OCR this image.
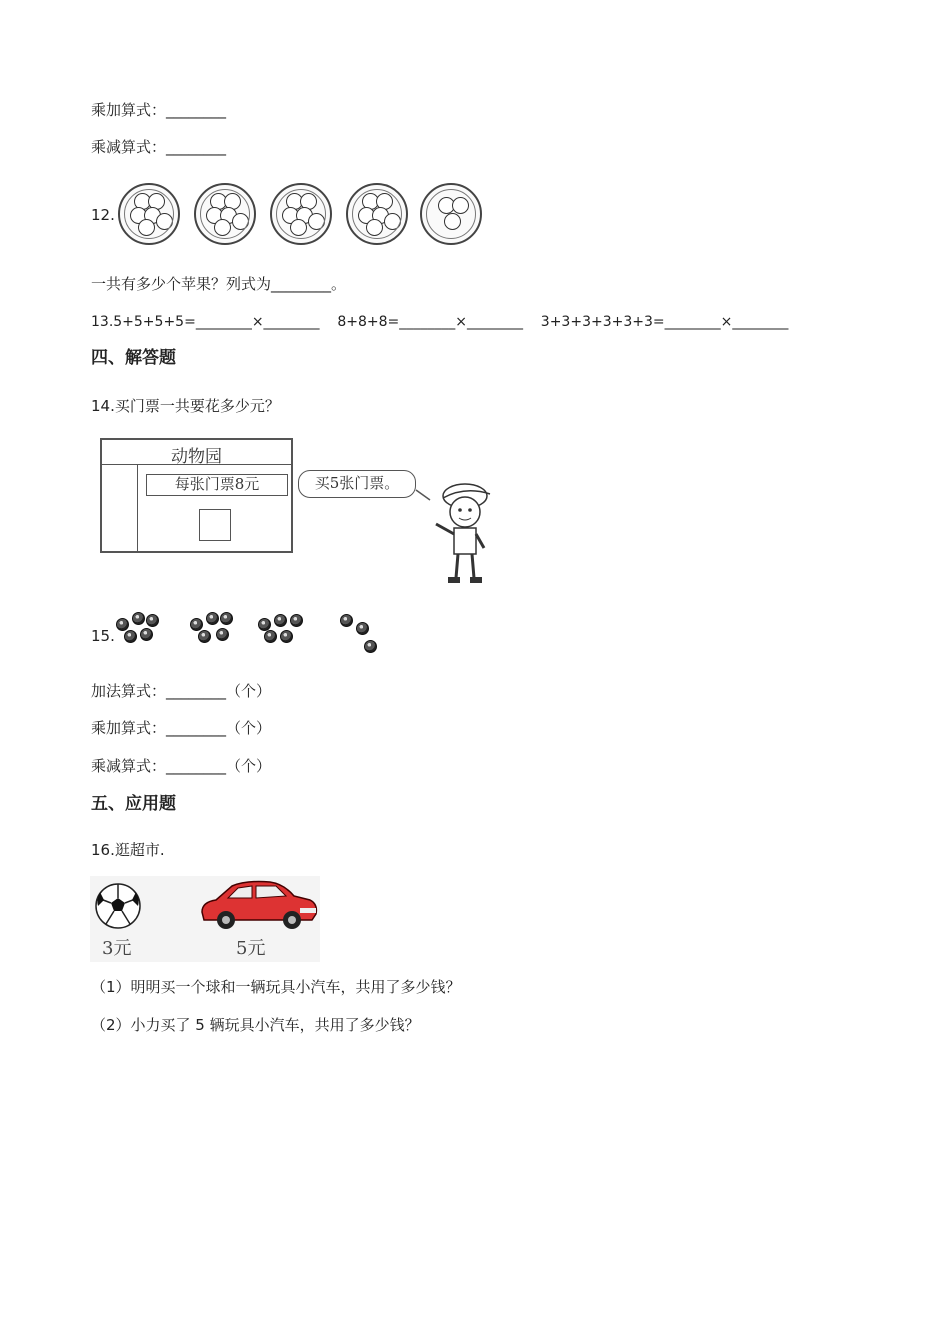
乘加算式：________
乘减算式：________
12.
一共有多少个苹果？列式为________。
13.5+5+5+5=________×________    8+8+8=________×________    3+3+3+3+3+3=________×________
四、解答题
14.买门票一共要花多少元？
动物园
每张门票8元	买5张门票。
15.
加法算式：________（个）
乘加算式：________（个）
乘减算式：________（个）
五、应用题
16.逛超市.
3元	5元
（1）明明买一个球和一辆玩具小汽车，共用了多少钱？
（2）小力买了 5 辆玩具小汽车，共用了多少钱？
